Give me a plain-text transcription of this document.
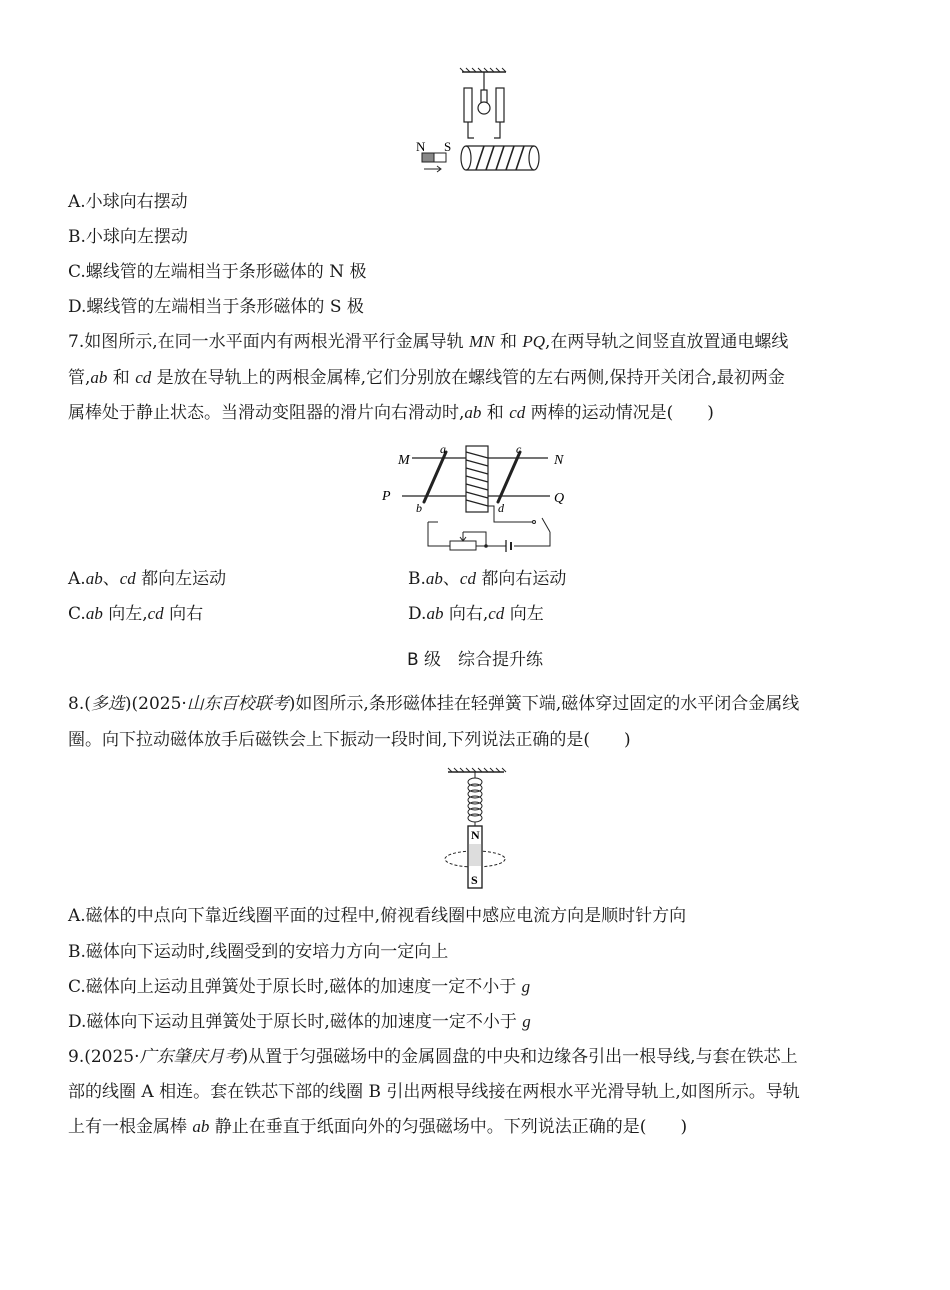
N S
A.小球向右摆动
B.小球向左摆动
C.螺线管的左端相当于条形磁体的 N 极
D.螺线管的左端相当于条形磁体的 S 极
7.如图所示,在同一水平面内有两根光滑平行金属导轨 MN 和 PQ,在两导轨之间竖直放置通电螺线
管,ab 和 cd 是放在导轨上的两根金属棒,它们分别放在螺线管的左右两侧,保持开关闭合,最初两金
属棒处于静止状态。当滑动变阻器的滑片向右滑动时,ab 和 cd 两棒的运动情况是(　　)
M	N
P	Q
a
b
c
d
A.ab、cd 都向左运动	B.ab、cd 都向右运动
C.ab 向左,cd 向右	D.ab 向右,cd 向左
B 级　综合提升练
8.(多选)(2025·山东百校联考)如图所示,条形磁体挂在轻弹簧下端,磁体穿过固定的水平闭合金属线
圈。向下拉动磁体放手后磁铁会上下振动一段时间,下列说法正确的是(　　)
N
S
A.磁体的中点向下靠近线圈平面的过程中,俯视看线圈中感应电流方向是顺时针方向
B.磁体向下运动时,线圈受到的安培力方向一定向上
C.磁体向上运动且弹簧处于原长时,磁体的加速度一定不小于 g
D.磁体向下运动且弹簧处于原长时,磁体的加速度一定不小于 g
9.(2025·广东肇庆月考)从置于匀强磁场中的金属圆盘的中央和边缘各引出一根导线,与套在铁芯上
部的线圈 A 相连。套在铁芯下部的线圈 B 引出两根导线接在两根水平光滑导轨上,如图所示。导轨
上有一根金属棒 ab 静止在垂直于纸面向外的匀强磁场中。下列说法正确的是(　　)
